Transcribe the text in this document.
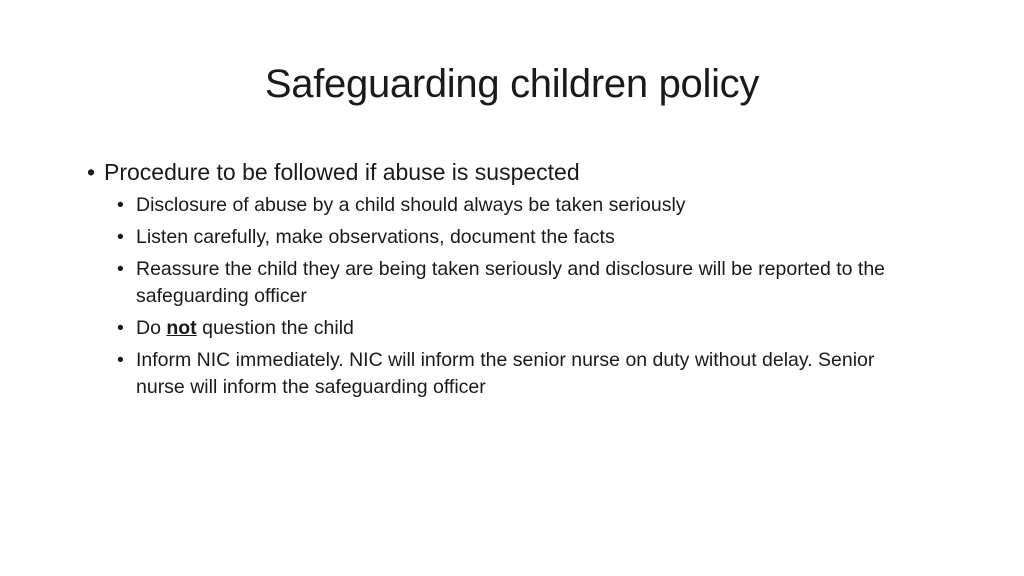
Safeguarding children policy
• Procedure to be followed if abuse is suspected
• Disclosure of abuse by a child should always be taken seriously
• Listen carefully, make observations, document the facts
• Reassure the child they are being taken seriously and disclosure will be reported to the safeguarding officer
• Do not question the child
• Inform NIC immediately. NIC will inform the senior nurse on duty without delay. Senior nurse will inform the safeguarding officer
